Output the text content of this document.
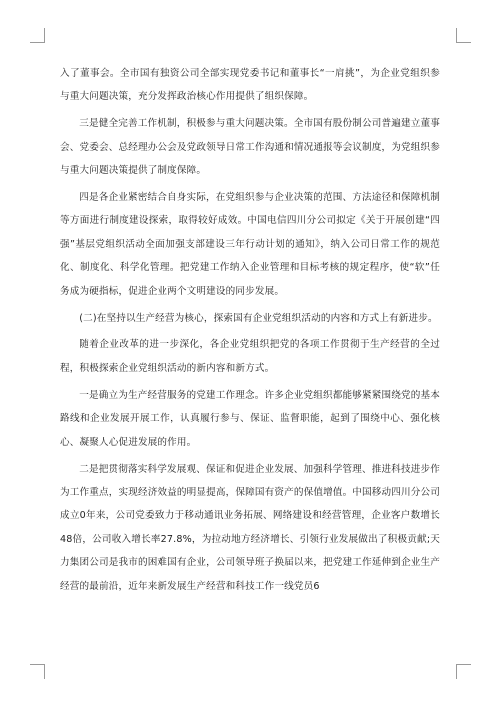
入了董事会。全市国有独资公司全部实现党委书记和董事长“一肩挑”，为企业党组织参与重大问题决策，充分发挥政治核心作用提供了组织保障。

三是健全完善工作机制，积极参与重大问题决策。全市国有股份制公司普遍建立董事会、党委会、总经理办公会及党政领导日常工作沟通和情况通报等会议制度，为党组织参与重大问题决策提供了制度保障。

四是各企业紧密结合自身实际，在党组织参与企业决策的范围、方法途径和保障机制等方面进行制度建设探索，取得较好成效。中国电信四川分公司拟定《关于开展创建“四强”基层党组织活动全面加强支部建设三年行动计划的通知》，纳入公司日常工作的规范化、制度化、科学化管理。把党建工作纳入企业管理和目标考核的规定程序，使“软”任务成为硬指标，促进企业两个文明建设的同步发展。

(二)在坚持以生产经营为核心，探索国有企业党组织活动的内容和方式上有新进步。

随着企业改革的进一步深化，各企业党组织把党的各项工作贯彻于生产经营的全过程，积极探索企业党组织活动的新内容和新方式。

一是确立为生产经营服务的党建工作理念。许多企业党组织都能够紧紧围绕党的基本路线和企业发展开展工作，认真履行参与、保证、监督职能，起到了围绕中心、强化核心、凝聚人心促进发展的作用。

二是把贯彻落实科学发展观、保证和促进企业发展、加强科学管理、推进科技进步作为工作重点，实现经济效益的明显提高，保障国有资产的保值增值。中国移动四川分公司成立0年来，公司党委致力于移动通讯业务拓展、网络建设和经营管理，企业客户数增长48倍，公司收入增长率27.8%，为拉动地方经济增长、引领行业发展做出了积极贡献;天力集团公司是我市的困难国有企业，公司领导班子换届以来，把党建工作延伸到企业生产经营的最前沿，近年来新发展生产经营和科技工作一线党员6
